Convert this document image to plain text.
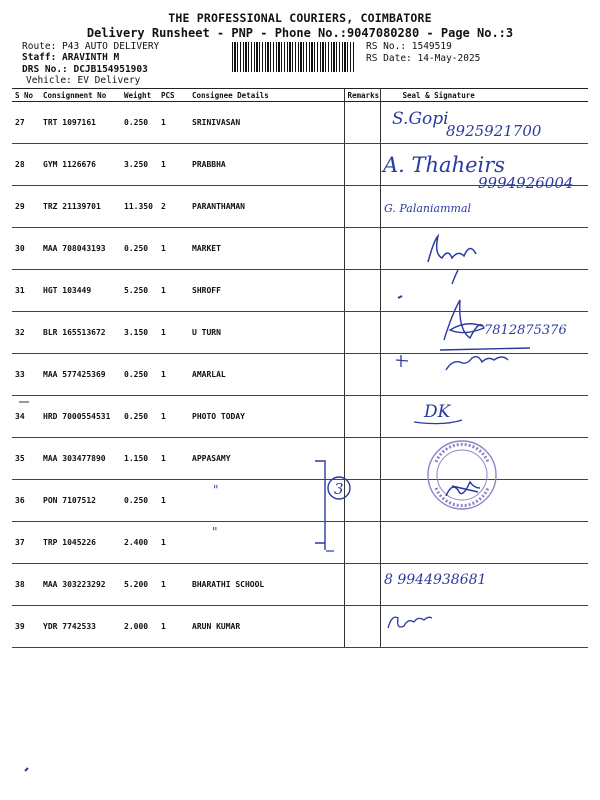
THE PROFESSIONAL COURIERS, COIMBATORE
Delivery Runsheet - PNP - Phone No.:9047080280 - Page No.:3
Route: P43 AUTO DELIVERY
Staff: ARAVINTH M
DRS No.: DCJB154951903
Vehicle: EV Delivery
RS No.: 1549519
RS Date: 14-May-2025
S No	Consignment No	Weight	PCS	Consignee Details	Remarks	Seal & Signature
27	TRT 1097161	0.250	1	SRINIVASAN		
28	GYM 1126676	3.250	1	PRABBHA		
29	TRZ 21139701	11.350	2	PARANTHAMAN		
30	MAA 708043193	0.250	1	MARKET		
31	HGT 103449	5.250	1	SHROFF		
32	BLR 165513672	3.150	1	U TURN		
33	MAA 577425369	0.250	1	AMARLAL		
34	HRD 7000554531	0.250	1	PHOTO TODAY		
35	MAA 303477890	1.150	1	APPASAMY		
36	PON 7107512	0.250	1			
37	TRP 1045226	2.400	1			
38	MAA 303223292	5.200	1	BHARATHI SCHOOL		
39	YDR 7742533	2.000	1	ARUN KUMAR		
S.Gopi
8925921700
A. Thaheirs
9994926004
G. Palaniammal
7812875376
DK
3
"
"
8 9944938681
